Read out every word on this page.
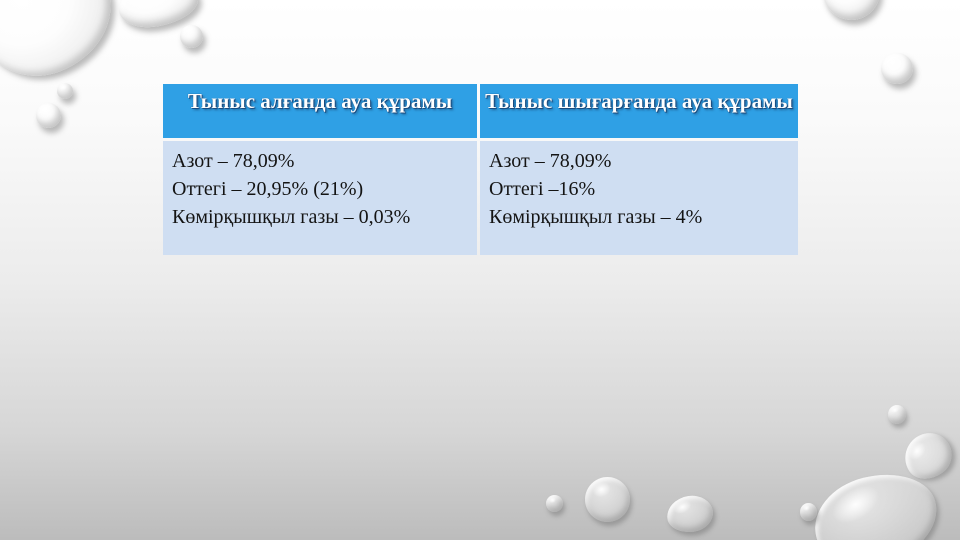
Тыныс алғанда ауа құрамы	Тыныс шығарғанда ауа құрамы
Азот – 78,09%
Оттегі – 20,95% (21%)
Көмірқышқыл газы – 0,03%
Азот – 78,09%
Оттегі –16%
Көмірқышқыл газы – 4%
